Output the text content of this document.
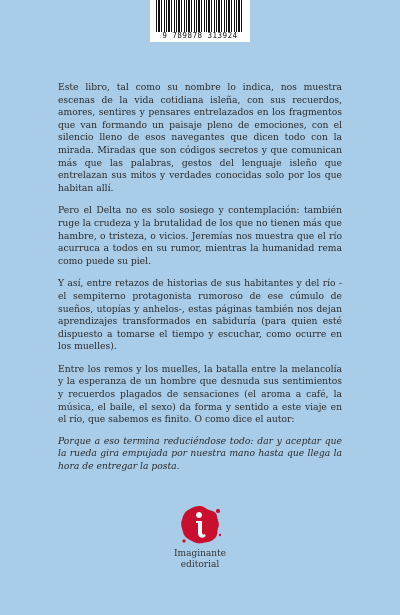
9 789878 313924

Este libro, tal como su nombre lo indica, nos muestra escenas de la vida cotidiana isleña, con sus recuerdos, amores, sentires y pensares entrelazados en los fragmentos que van formando un paisaje pleno de emociones, con el silencio lleno de esos navegantes que dicen todo con la mirada. Miradas que son códigos secretos y que comunican más que las palabras, gestos del lenguaje isleño que entrelazan sus mitos y verdades conocidas solo por los que habitan allí.

Pero el Delta no es solo sosiego y contemplación: también ruge la crudeza y la brutalidad de los que no tienen más que hambre, o tristeza, o vicios. Jeremías nos muestra que el río acurruca a todos en su rumor, mientras la humanidad rema como puede su piel.

Y así, entre retazos de historias de sus habitantes y del río -el sempiterno protagonista rumoroso de ese cúmulo de sueños, utopías y anhelos-, estas páginas también nos dejan aprendizajes transformados en sabiduría (para quien esté dispuesto a tomarse el tiempo y escuchar, como ocurre en los muelles).

Entre los remos y los muelles, la batalla entre la melancolía y la esperanza de un hombre que desnuda sus sentimientos y recuerdos plagados de sensaciones (el aroma a café, la música, el baile, el sexo) da forma y sentido a este viaje en el río, que sabemos es finito. O como dice el autor:

Porque a eso termina reduciéndose todo: dar y aceptar que la rueda gira empujada por nuestra mano hasta que llega la hora de entregar la posta.

Imaginante
editorial
